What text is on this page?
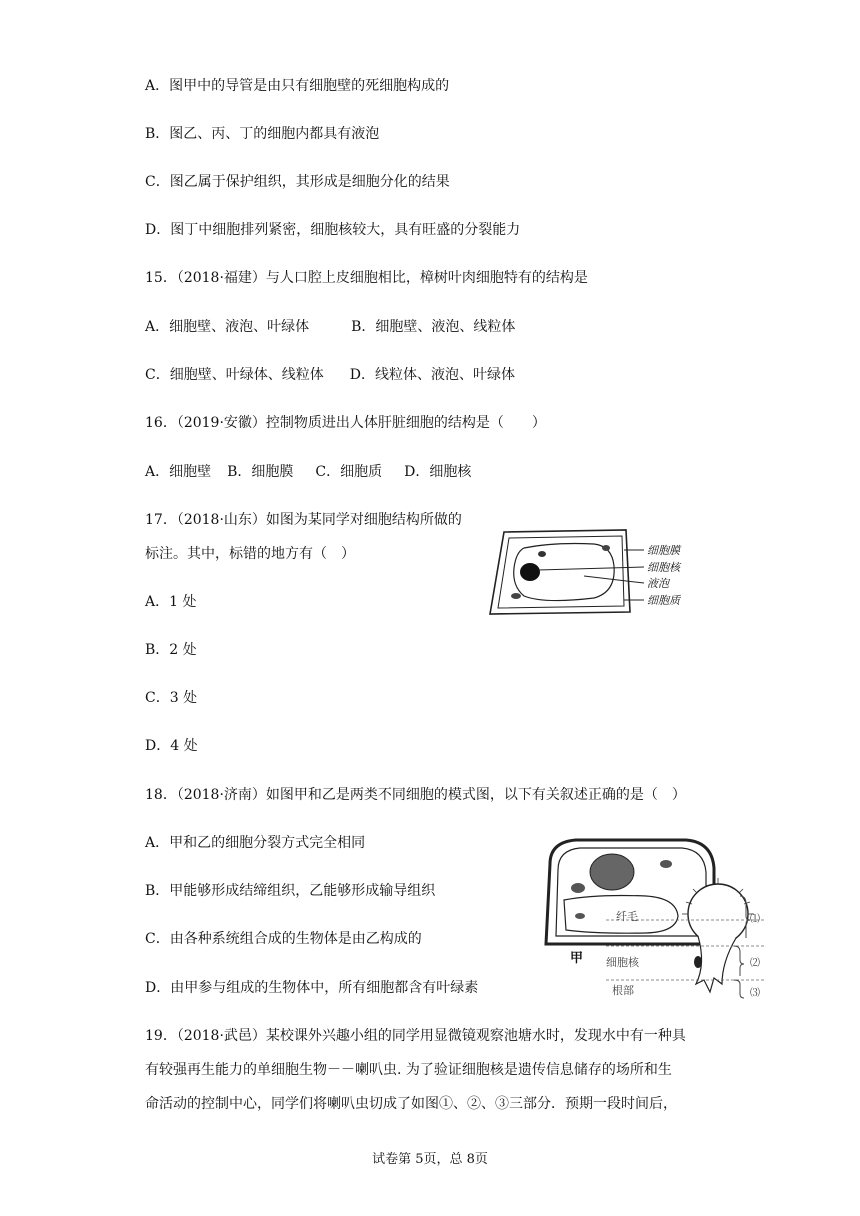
A．图甲中的导管是由只有细胞壁的死细胞构成的
B．图乙、丙、丁的细胞内都具有液泡
C．图乙属于保护组织，其形成是细胞分化的结果
D．图丁中细胞排列紧密，细胞核较大，具有旺盛的分裂能力
15．（2018·福建）与人口腔上皮细胞相比，樟树叶肉细胞特有的结构是
A．细胞壁、液泡、叶绿体	B．细胞壁、液泡、线粒体
C．细胞壁、叶绿体、线粒体 D．线粒体、液泡、叶绿体
16．（2019·安徽）控制物质进出人体肝脏细胞的结构是（　　）
A．细胞壁 B．细胞膜 C．细胞质 D．细胞核
17．（2018·山东）如图为某同学对细胞结构所做的
标注。其中，标错的地方有（　）
A．1 处
B．2 处
C．3 处
D．4 处
细胞膜
细胞核
液泡
细胞质
18．（2018·济南）如图甲和乙是两类不同细胞的模式图，以下有关叙述正确的是（　）
A．甲和乙的细胞分裂方式完全相同
B．甲能够形成结缔组织，乙能够形成输导组织
C．由各种系统组合成的生物体是由乙构成的
D．由甲参与组成的生物体中，所有细胞都含有叶绿素
甲
纤毛
细胞核
根部
⑴
⑵
⑶
19．（2018·武邑）某校课外兴趣小组的同学用显微镜观察池塘水时，发现水中有一种具
有较强再生能力的单细胞生物－－喇叭虫. 为了验证细胞核是遗传信息储存的场所和生
命活动的控制中心，同学们将喇叭虫切成了如图①、②、③三部分．预期一段时间后，
试卷第 5页，总 8页
